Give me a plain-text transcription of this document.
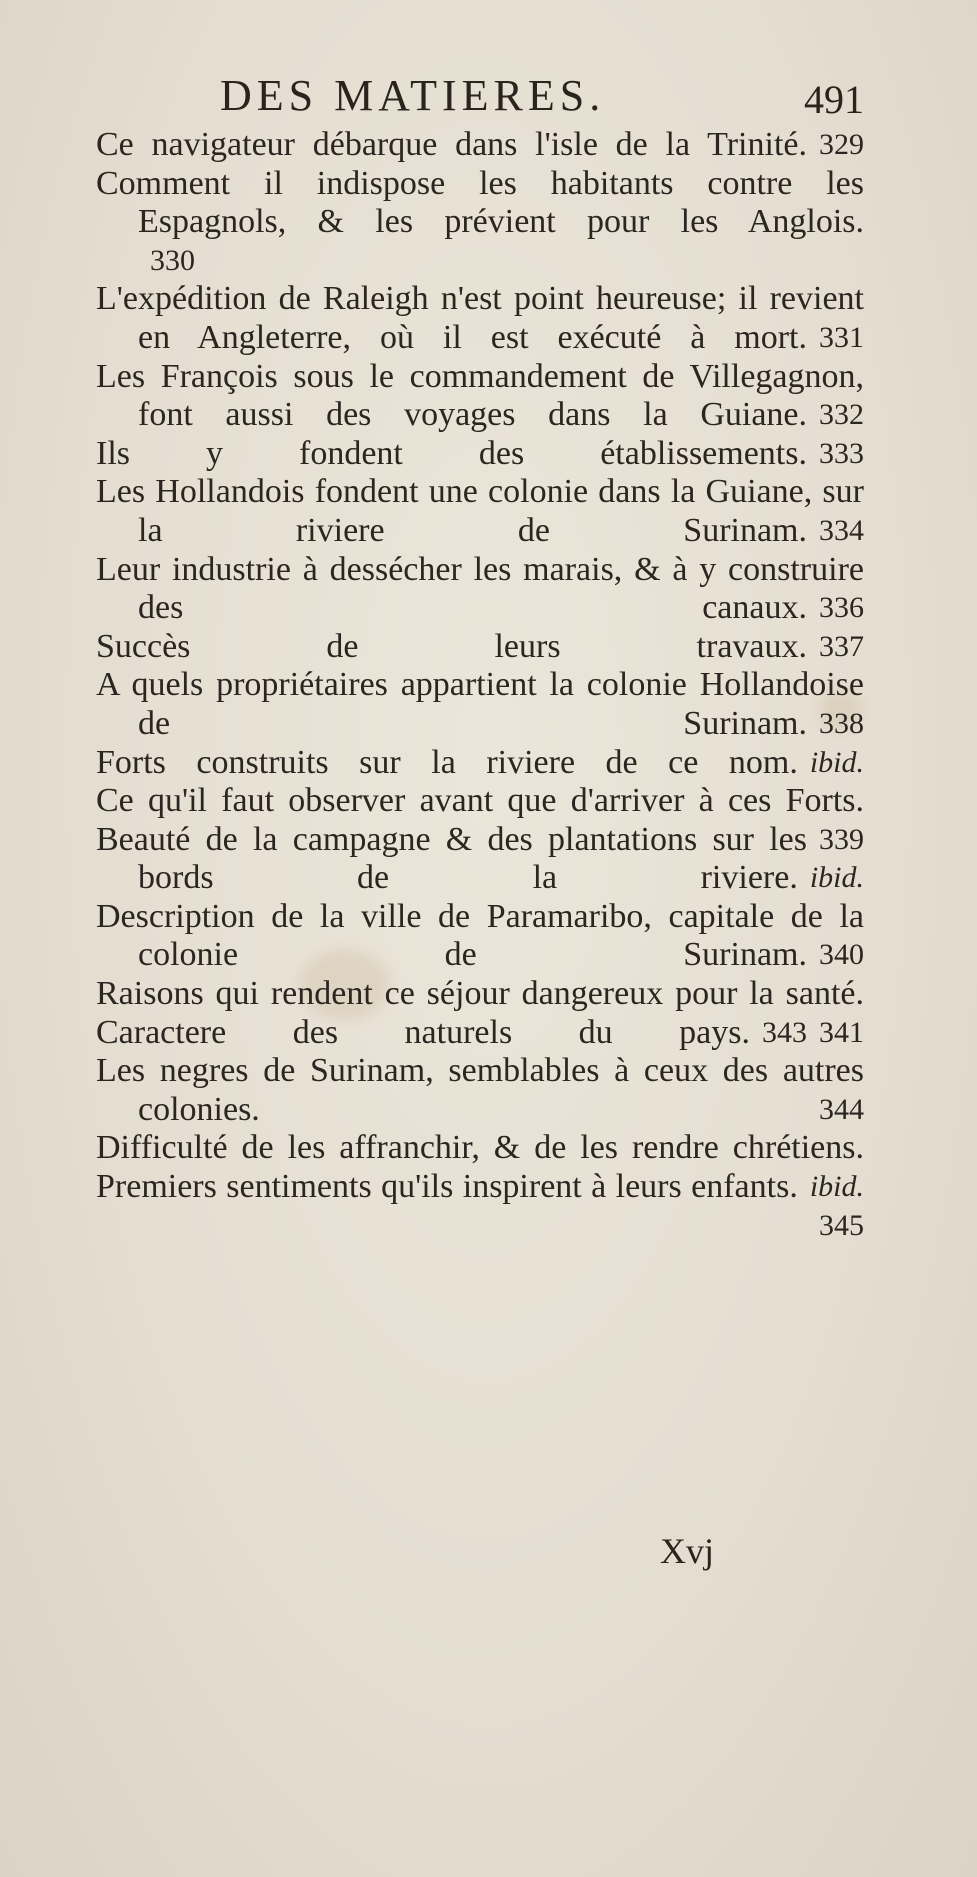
DES MATIERES.	491
Ce navigateur débarque dans l'isle de la Trinité. 329
Comment il indispose les habitants contre les Espagnols, & les prévient pour les Anglois.
330
L'expédition de Raleigh n'est point heureuse; il revient en Angleterre, où il est exécuté à mort. 331
Les François sous le commandement de Villegagnon, font aussi des voyages dans la Guiane. 332
Ils y fondent des établissements. 333
Les Hollandois fondent une colonie dans la Guiane, sur la riviere de Surinam. 334
Leur industrie à dessécher les marais, & à y construire des canaux. 336
Succès de leurs travaux. 337
A quels propriétaires appartient la colonie Hollandoise de Surinam. 338
Forts construits sur la riviere de ce nom. ibid.
Ce qu'il faut observer avant que d'arriver à ces Forts.
339
Beauté de la campagne & des plantations sur les bords de la riviere. ibid.
Description de la ville de Paramaribo, capitale de la colonie de Surinam. 340
Raisons qui rendent ce séjour dangereux pour la santé.
341
Caractere des naturels du pays. 343
Les negres de Surinam, semblables à ceux des autres colonies.	344
Difficulté de les affranchir, & de les rendre chrétiens.
ibid.
Premiers sentiments qu'ils inspirent à leurs enfants.
345
Xvj
